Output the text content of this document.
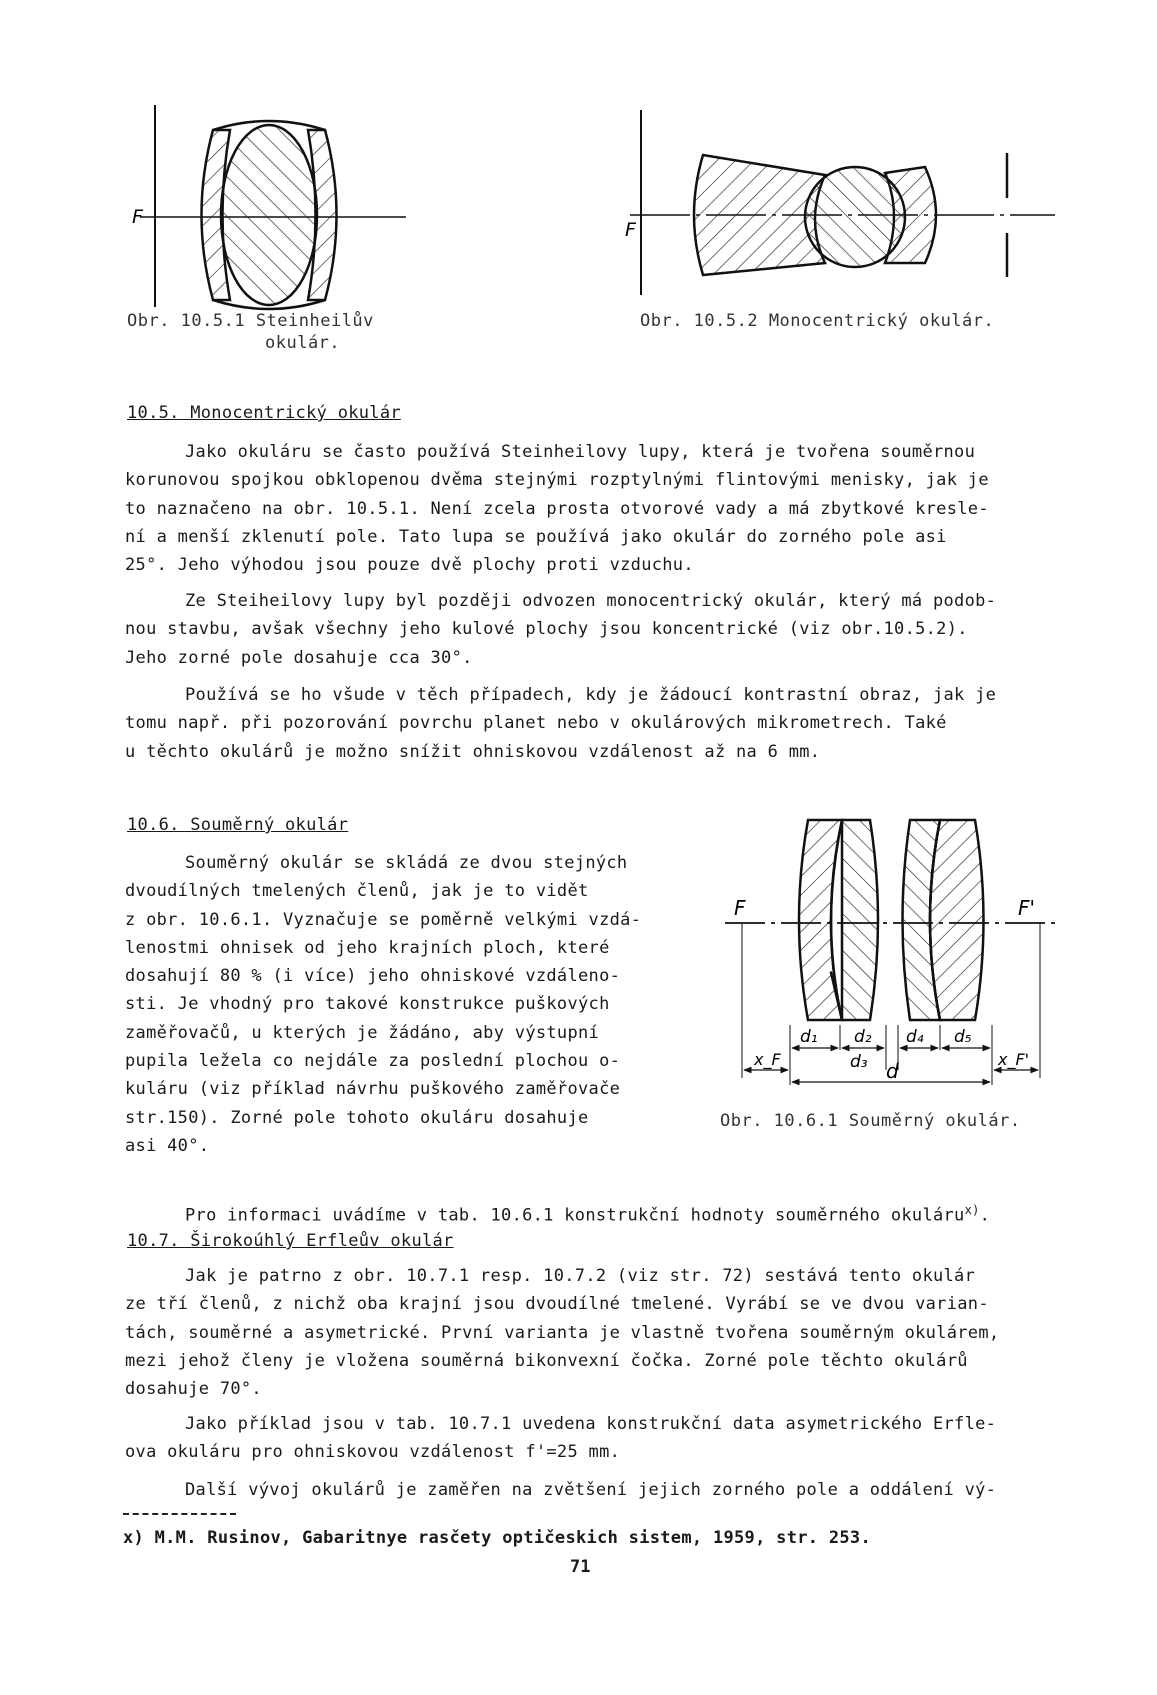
F
Obr. 10.5.1 Steinheilův
okulár.
F
Obr. 10.5.2 Monocentrický okulár.
10.5. Monocentrický okulár
Jako okuláru se často používá Steinheilovy lupy, která je tvořena souměrnou
korunovou spojkou obklopenou dvěma stejnými rozptylnými flintovými menisky, jak je
to naznačeno na obr. 10.5.1. Není zcela prosta otvorové vady a má zbytkové kresle-
ní a menší zklenutí pole. Tato lupa se používá jako okulár do zorného pole asi
25°. Jeho výhodou jsou pouze dvě plochy proti vzduchu.
Ze Steiheilovy lupy byl později odvozen monocentrický okulár, který má podob-
nou stavbu, avšak všechny jeho kulové plochy jsou koncentrické (viz obr.10.5.2).
Jeho zorné pole dosahuje cca 30°.
Používá se ho všude v těch případech, kdy je žádoucí kontrastní obraz, jak je
tomu např. při pozorování povrchu planet nebo v okulárových mikrometrech. Také
u těchto okulárů je možno snížit ohniskovou vzdálenost až na 6 mm.
10.6. Souměrný okulár
Souměrný okulár se skládá ze dvou stejných
dvoudílných tmelených členů, jak je to vidět
z obr. 10.6.1. Vyznačuje se poměrně velkými vzdá-
lenostmi ohnisek od jeho krajních ploch, které
dosahují 80 % (i více) jeho ohniskové vzdáleno-
sti. Je vhodný pro takové konstrukce puškových
zaměřovačů, u kterých je žádáno, aby výstupní
pupila ležela co nejdále za poslední plochou o-
kuláru (viz příklad návrhu puškového zaměřovače
str.150). Zorné pole tohoto okuláru dosahuje
asi 40°.
F	F'
d₁ d₂ d₄ d₅
d₃
x_F	x_F'
d
Obr. 10.6.1 Souměrný okulár.

Pro informaci uvádíme v tab. 10.6.1 konstrukční hodnoty souměrného okuláru$^{x)}$.

10.7. Širokoúhlý Erfleův okulár
Jak je patrno z obr. 10.7.1 resp. 10.7.2 (viz str. 72) sestává tento okulár
ze tří členů, z nichž oba krajní jsou dvoudílné tmelené. Vyrábí se ve dvou varian-
tách, souměrné a asymetrické. První varianta je vlastně tvořena souměrným okulárem,
mezi jehož členy je vložena souměrná bikonvexní čočka. Zorné pole těchto okulárů
dosahuje 70°.
Jako příklad jsou v tab. 10.7.1 uvedena konstrukční data asymetrického Erfle-
ova okuláru pro ohniskovou vzdálenost f'=25 mm.
Další vývoj okulárů je zaměřen na zvětšení jejich zorného pole a oddálení vý-
x) M.M. Rusinov, Gabaritnye rasčety optičeskich sistem, 1959, str. 253.
71
